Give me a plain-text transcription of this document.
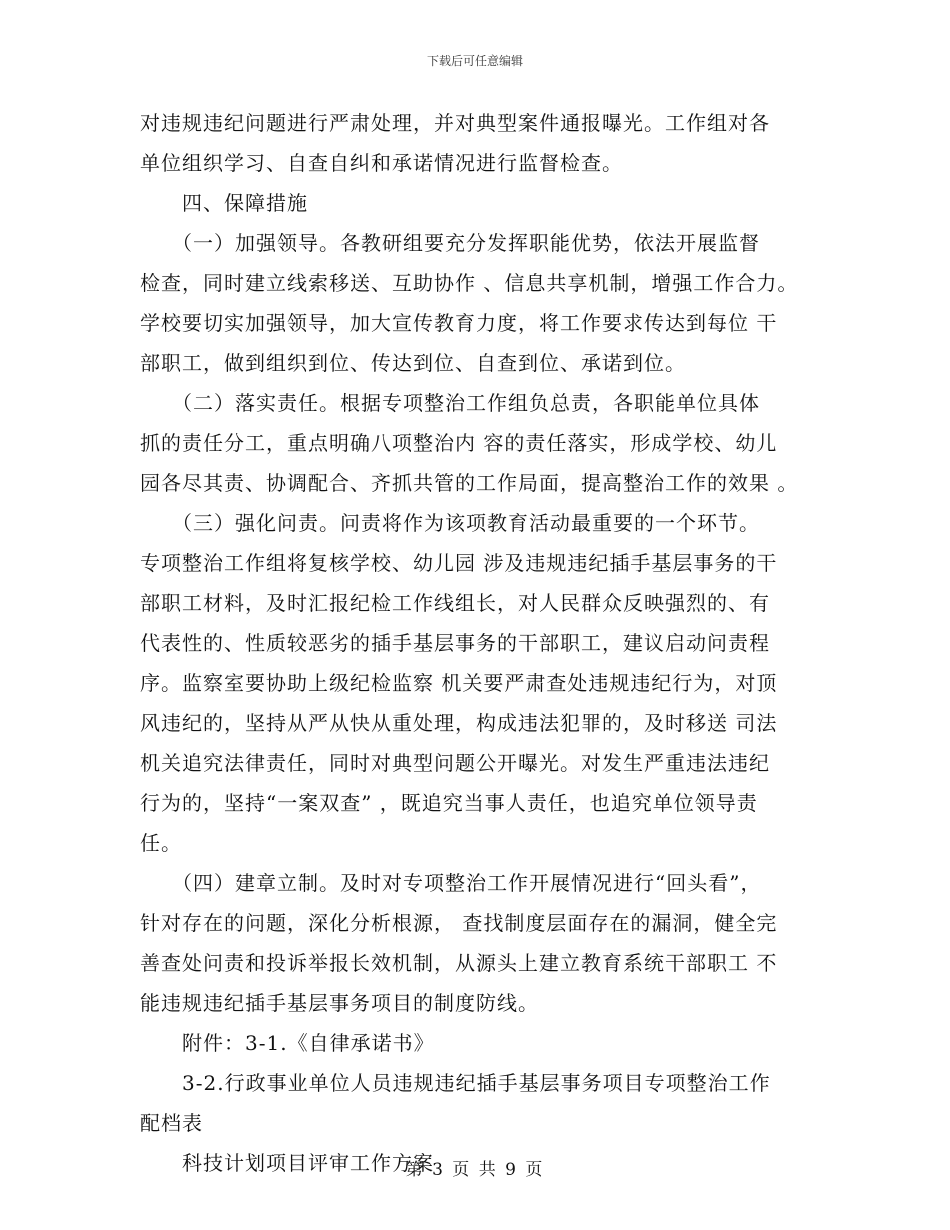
下载后可任意编辑
对违规违纪问题进行严肃处理，并对典型案件通报曝光。工作组对各
单位组织学习、自查自纠和承诺情况进行监督检查。
　　四、保障措施
　　（一）加强领导。各教研组要充分发挥职能优势，依法开展监督
检查，同时建立线索移送、互助协作 、信息共享机制，增强工作合力。
学校要切实加强领导，加大宣传教育力度，将工作要求传达到每位 干
部职工，做到组织到位、传达到位、自查到位、承诺到位。
　　（二）落实责任。根据专项整治工作组负总责，各职能单位具体
抓的责任分工，重点明确八项整治内 容的责任落实，形成学校、幼儿
园各尽其责、协调配合、齐抓共管的工作局面，提高整治工作的效果 。
　　（三）强化问责。问责将作为该项教育活动最重要的一个环节。
专项整治工作组将复核学校、幼儿园 涉及违规违纪插手基层事务的干
部职工材料，及时汇报纪检工作线组长，对人民群众反映强烈的、有
代表性的、性质较恶劣的插手基层事务的干部职工，建议启动问责程
序。监察室要协助上级纪检监察 机关要严肃查处违规违纪行为，对顶
风违纪的，坚持从严从快从重处理，构成违法犯罪的，及时移送 司法
机关追究法律责任，同时对典型问题公开曝光。对发生严重违法违纪
行为的，坚持“一案双查” ，既追究当事人责任，也追究单位领导责
任。
　　（四）建章立制。及时对专项整治工作开展情况进行“回头看”，
针对存在的问题，深化分析根源， 查找制度层面存在的漏洞，健全完
善查处问责和投诉举报长效机制，从源头上建立教育系统干部职工 不
能违规违纪插手基层事务项目的制度防线。
　　附件：3-1.《自律承诺书》
　　3-2.行政事业单位人员违规违纪插手基层事务项目专项整治工作
配档表
　　科技计划项目评审工作方案
第 3 页 共 9 页
